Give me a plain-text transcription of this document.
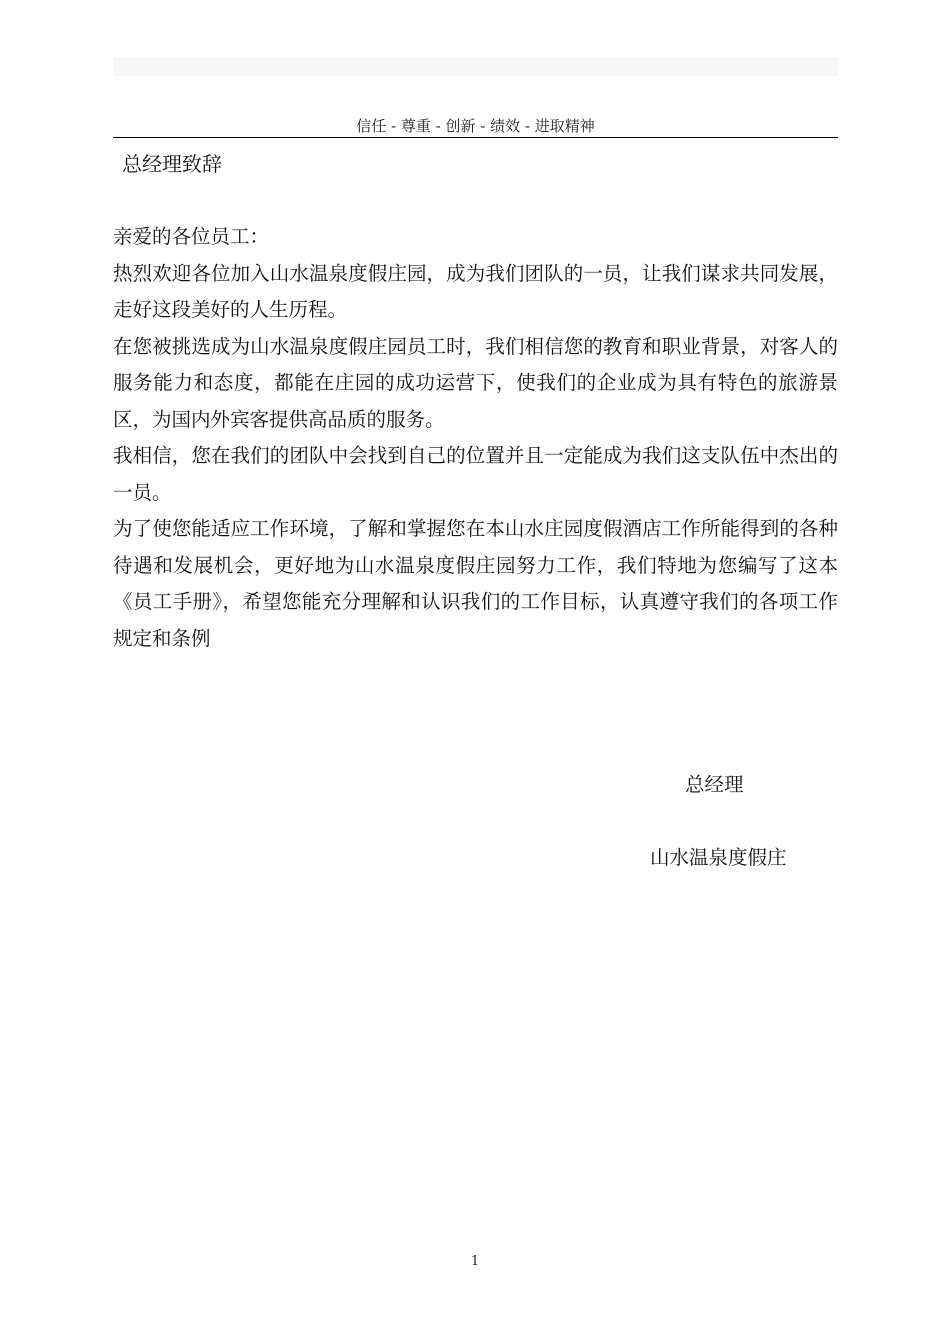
信任 - 尊重 - 创新 - 绩效 - 进取精神
总经理致辞

亲爱的各位员工：

热烈欢迎各位加入山水温泉度假庄园，成为我们团队的一员，让我们谋求共同发展，走好这段美好的人生历程。

在您被挑选成为山水温泉度假庄园员工时，我们相信您的教育和职业背景，对客人的服务能力和态度，都能在庄园的成功运营下，使我们的企业成为具有特色的旅游景区，为国内外宾客提供高品质的服务。

我相信，您在我们的团队中会找到自己的位置并且一定能成为我们这支队伍中杰出的一员。

为了使您能适应工作环境，了解和掌握您在本山水庄园度假酒店工作所能得到的各种待遇和发展机会，更好地为山水温泉度假庄园努力工作，我们特地为您编写了这本《员工手册》，希望您能充分理解和认识我们的工作目标，认真遵守我们的各项工作规定和条例

总经理
山水温泉度假庄
1
